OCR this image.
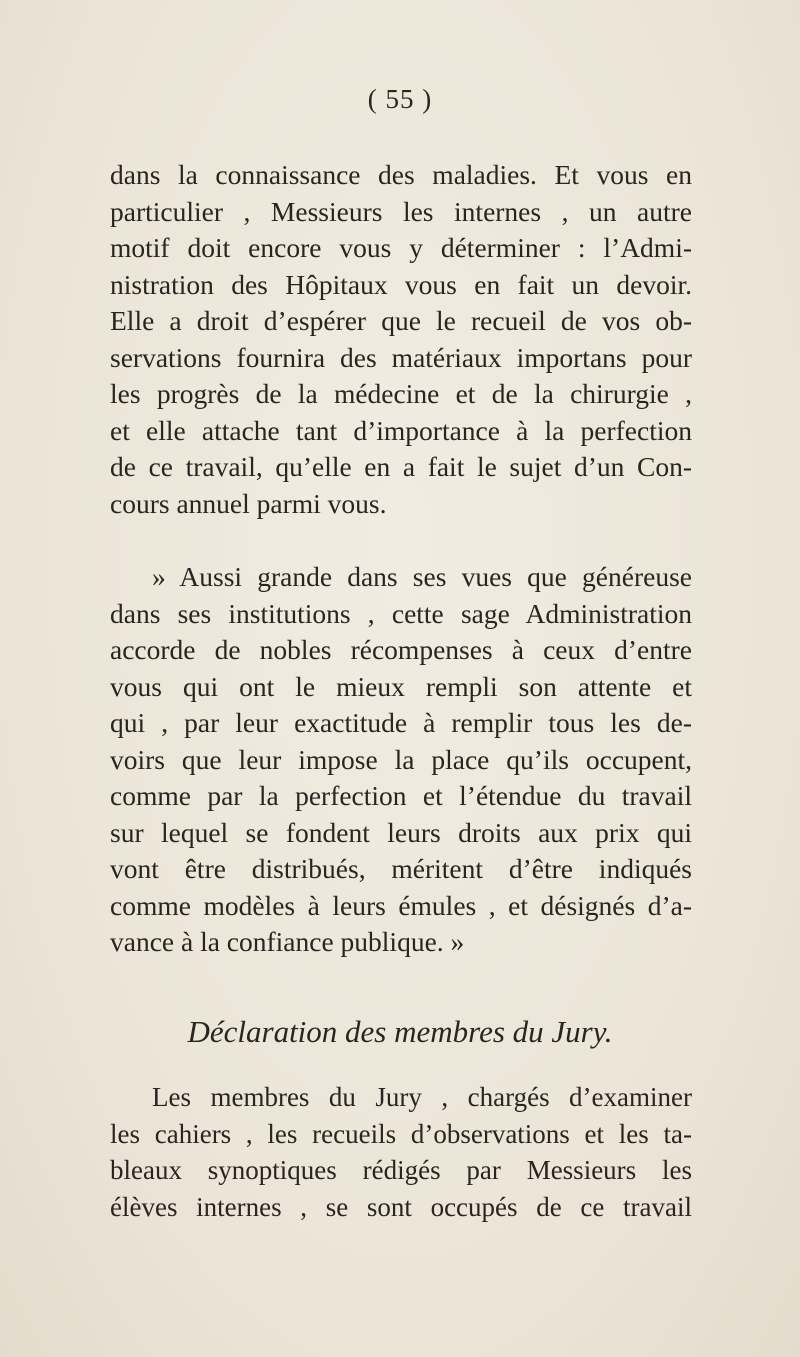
( 55 )
dans la connaissance des maladies. Et vous en
particulier , Messieurs les internes , un autre
motif doit encore vous y déterminer : l’Admi-
nistration des Hôpitaux vous en fait un devoir.
Elle a droit d’espérer que le recueil de vos ob-
servations fournira des matériaux importans pour
les progrès de la médecine et de la chirurgie ,
et elle attache tant d’importance à la perfection
de ce travail, qu’elle en a fait le sujet d’un Con-
cours annuel parmi vous.
» Aussi grande dans ses vues que généreuse
dans ses institutions , cette sage Administration
accorde de nobles récompenses à ceux d’entre
vous qui ont le mieux rempli son attente et
qui , par leur exactitude à remplir tous les de-
voirs que leur impose la place qu’ils occupent,
comme par la perfection et l’étendue du travail
sur lequel se fondent leurs droits aux prix qui
vont être distribués, méritent d’être indiqués
comme modèles à leurs émules , et désignés d’a-
vance à la confiance publique. »
Déclaration des membres du Jury.
Les membres du Jury , chargés d’examiner
les cahiers , les recueils d’observations et les ta-
bleaux synoptiques rédigés par Messieurs les
élèves internes , se sont occupés de ce travail
